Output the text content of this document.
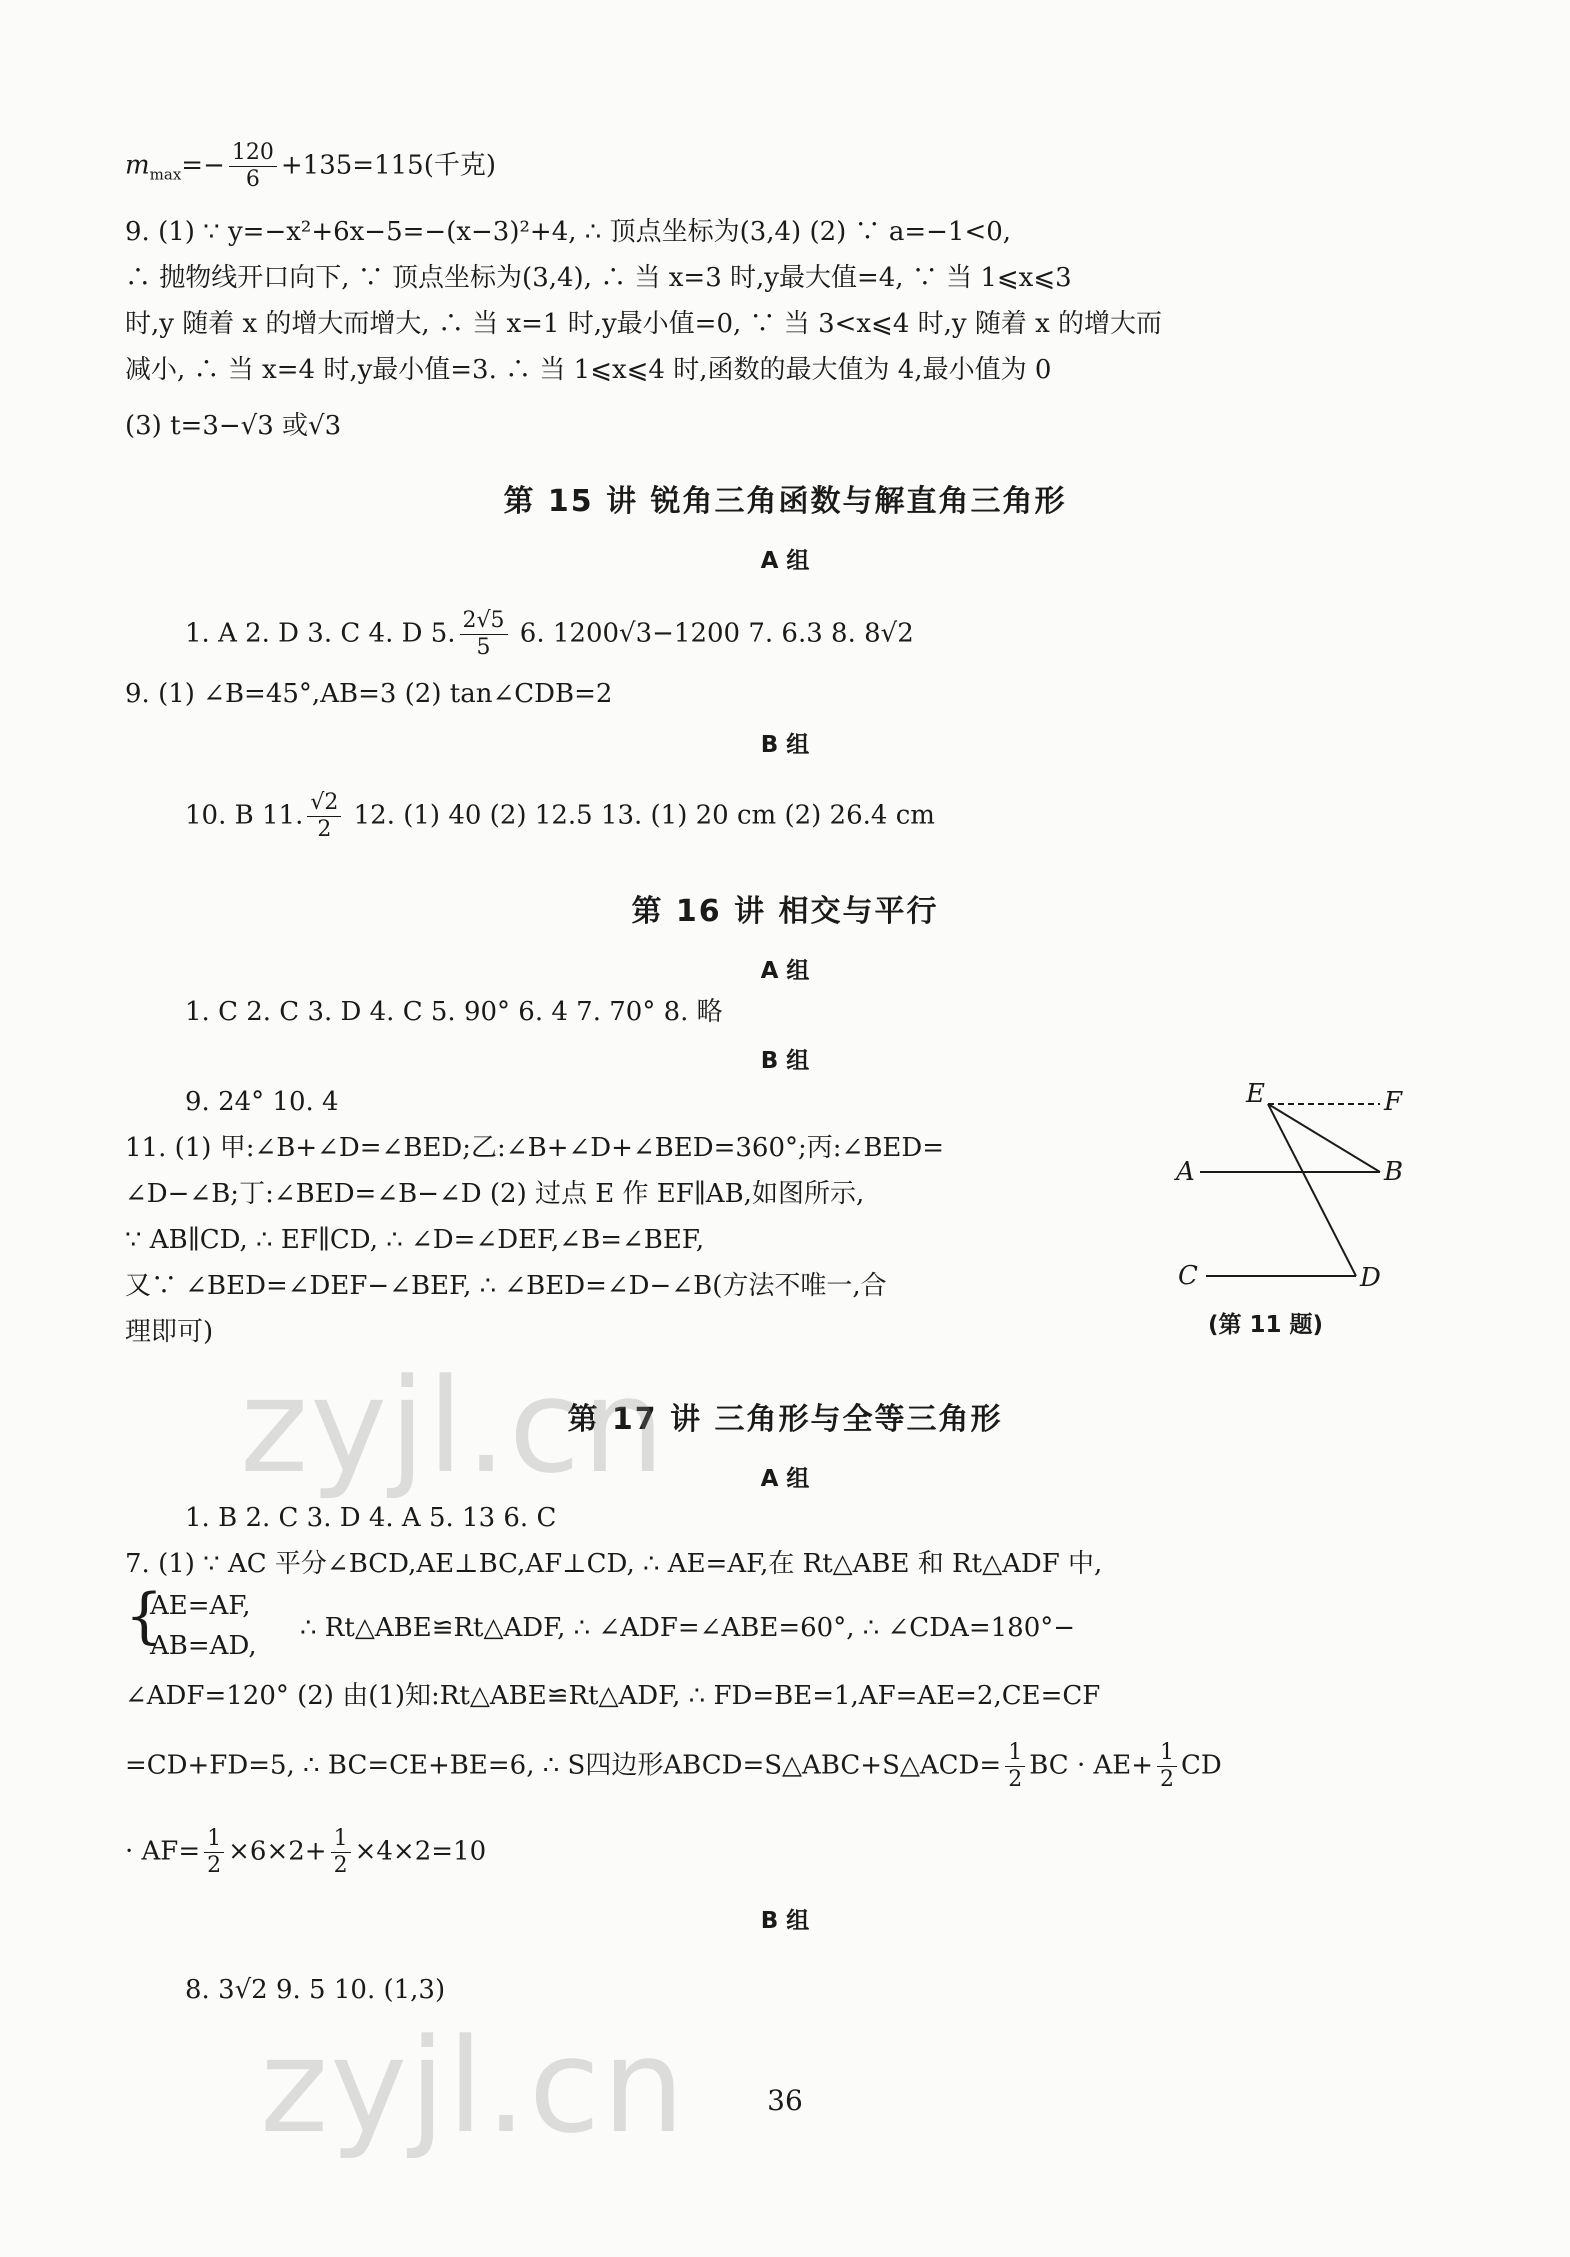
$m_{max}=- \frac{120}{6} +135=115$(千克)
9. (1) ∵ y=−x²+6x−5=−(x−3)²+4, ∴ 顶点坐标为(3,4) (2) ∵ a=−1<0,
∴ 抛物线开口向下, ∵ 顶点坐标为(3,4), ∴ 当 x=3 时,y最大值=4, ∵ 当 1⩽x⩽3
时,y 随着 x 的增大而增大, ∴ 当 x=1 时,y最小值=0, ∵ 当 3<x⩽4 时,y 随着 x 的增大而
减小, ∴ 当 x=4 时,y最小值=3. ∴ 当 1⩽x⩽4 时,函数的最大值为 4,最小值为 0
(3) t=3−√3 或√3
第 15 讲 锐角三角函数与解直角三角形
A 组
1. A 2. D 3. C 4. D 5. $\frac{2√5}{5} 6$. 1200√3−1200 7. 6.3 8. 8√2
9. (1) ∠B=45°,AB=3 (2) tan∠CDB=2
B 组
10. B 11. $\frac{√2}{2} 12$. (1) 40 (2) 12.5 13. (1) 20 cm (2) 26.4 cm
第 16 讲 相交与平行
A 组
1. C 2. C 3. D 4. C 5. 90° 6. 4 7. 70° 8. 略
B 组
9. 24° 10. 4
11. (1) 甲:∠B+∠D=∠BED;乙:∠B+∠D+∠BED=360°;丙:∠BED=
∠D−∠B;丁:∠BED=∠B−∠D (2) 过点 E 作 EF∥AB,如图所示,
∵ AB∥CD, ∴ EF∥CD, ∴ ∠D=∠DEF,∠B=∠BEF,
又∵ ∠BED=∠DEF−∠BEF, ∴ ∠BED=∠D−∠B(方法不唯一,合
理即可)
E	F
A	B
C	D
(第 11 题)
第 17 讲 三角形与全等三角形
A 组
1. B 2. C 3. D 4. A 5. 13 6. C
7. (1) ∵ AC 平分∠BCD,AE⊥BC,AF⊥CD, ∴ AE=AF,在 Rt△ABE 和 Rt△ADF 中,
{
AE=AF,
AB=AD,
∴ Rt△ABE≌Rt△ADF, ∴ ∠ADF=∠ABE=60°, ∴ ∠CDA=180°−
∠ADF=120° (2) 由(1)知:Rt△ABE≌Rt△ADF, ∴ FD=BE=1,AF=AE=2,CE=CF
=CD+FD=5, ∴ BC=CE+BE=6, ∴ S四边形ABCD=S△ABC+S△ACD= $\frac{1}{2}$ BC · $AE+ \frac{1}{2}$ CD
· $AF= \frac{1}{2} \times 6\times 2+ \frac{1}{2} \times 4\times 2=10$
B 组
8. 3√2 9. 5 10. (1,3)
zyjl.cn
zyjl.cn	36
